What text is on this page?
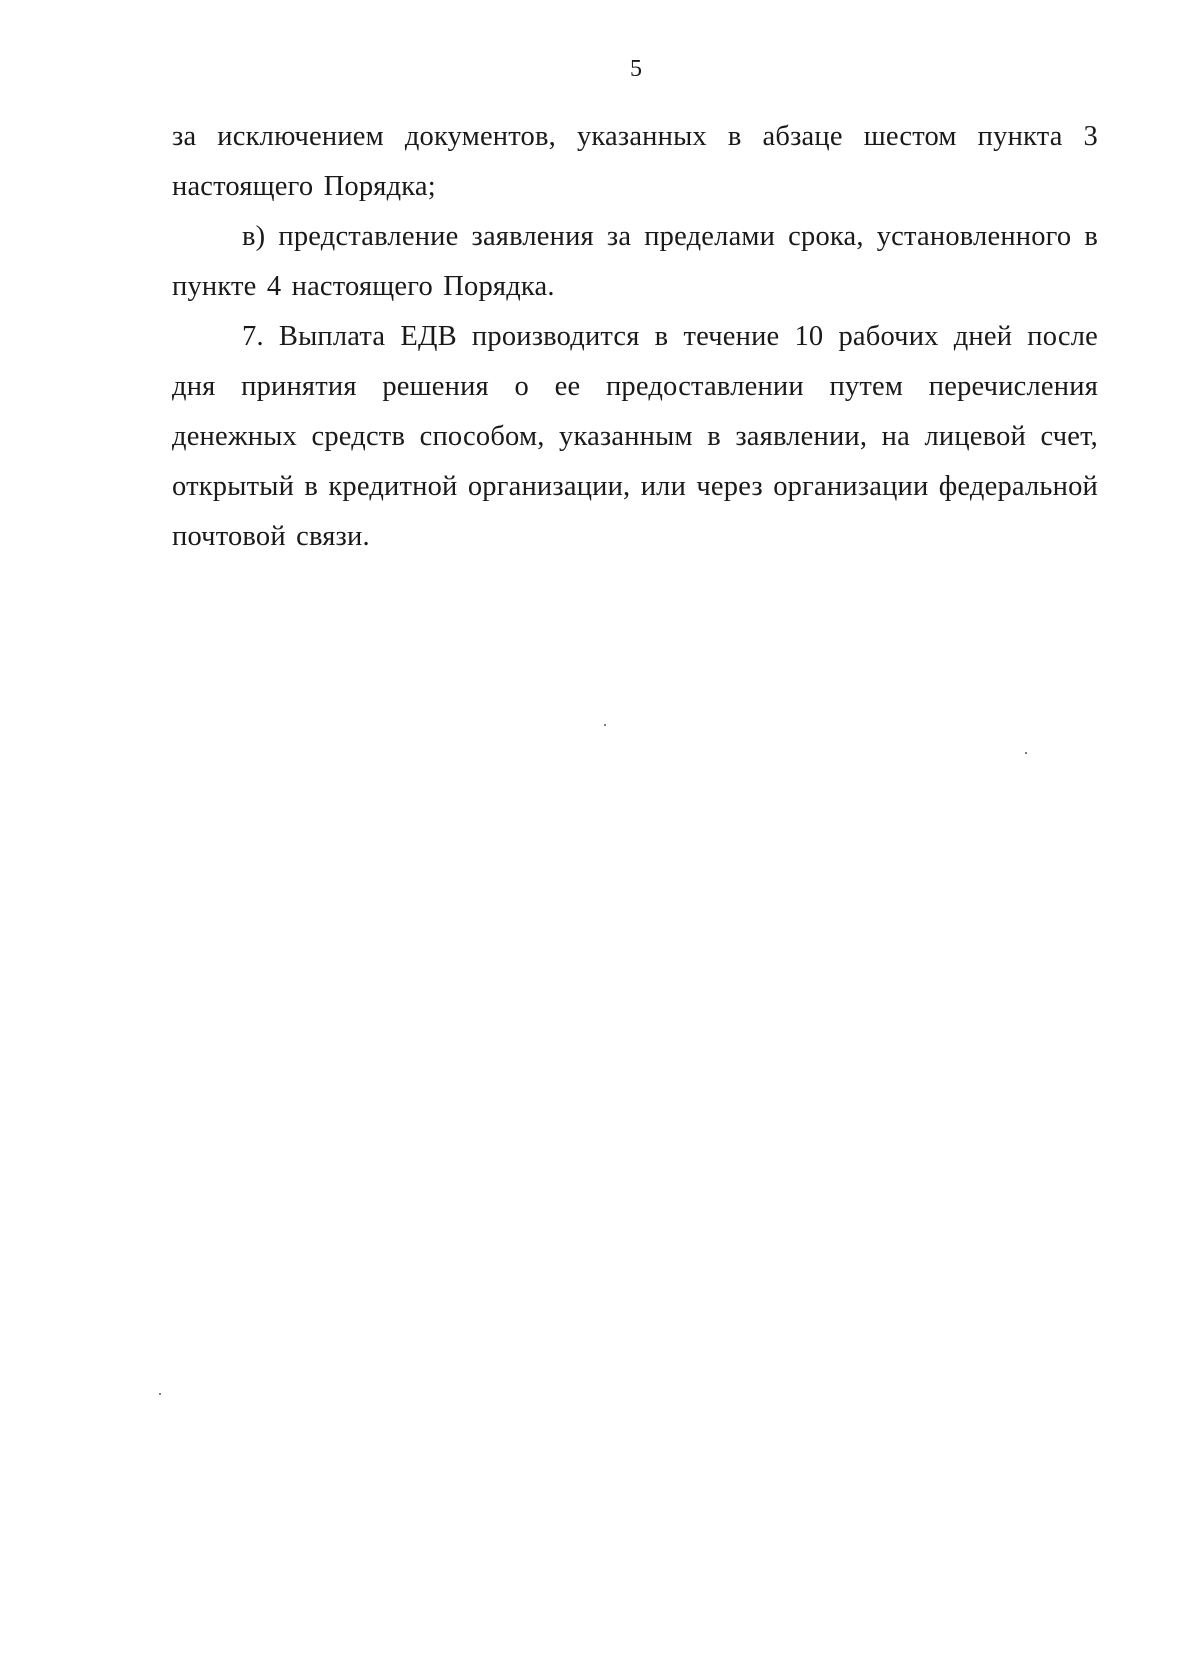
5

за исключением документов, указанных в абзаце шестом пункта 3 настоящего Порядка;

в) представление заявления за пределами срока, установленного в пункте 4 настоящего Порядка.

7. Выплата ЕДВ производится в течение 10 рабочих дней после дня принятия решения о ее предоставлении путем перечисления денежных средств способом, указанным в заявлении, на лицевой счет, открытый в кредитной организации, или через организации федеральной почтовой связи.
